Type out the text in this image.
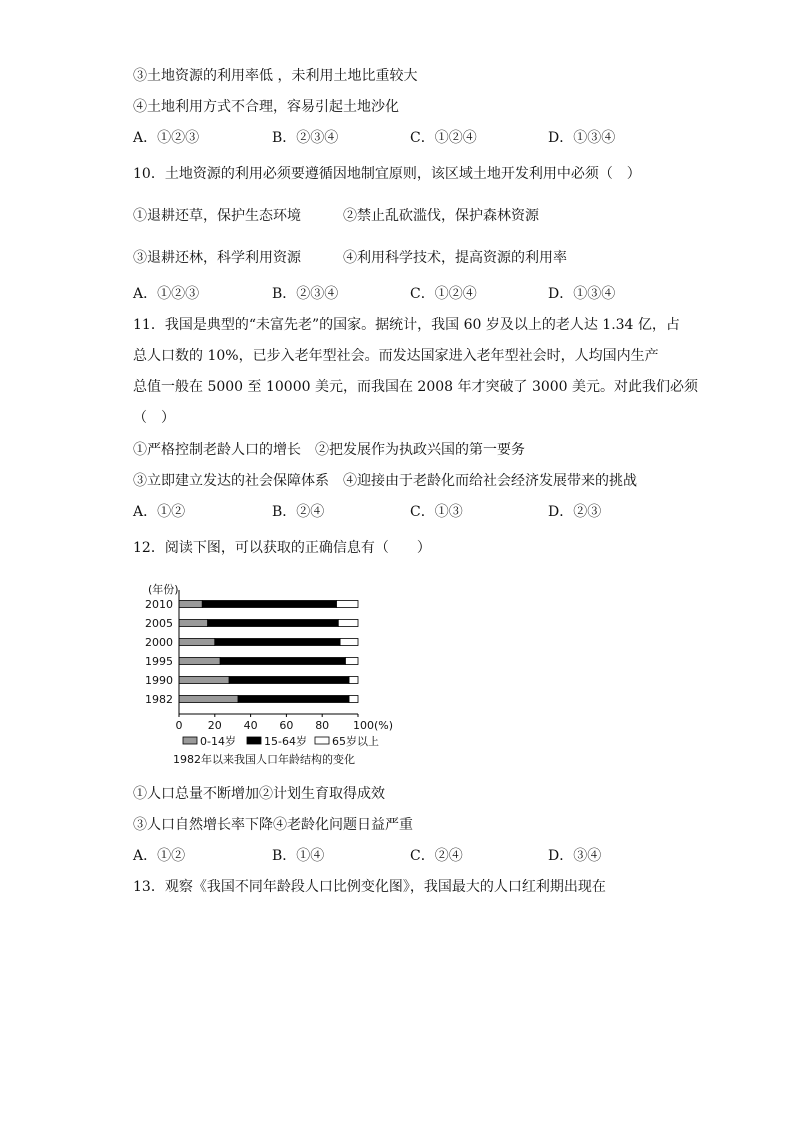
③土地资源的利用率低 ，未利用土地比重较大
④土地利用方式不合理，容易引起土地沙化
A．①②③	B．②③④	C．①②④	D．①③④
10．土地资源的利用必须要遵循因地制宜原则，该区域土地开发利用中必须（　）
①退耕还草，保护生态环境　　　②禁止乱砍滥伐，保护森林资源
③退耕还林，科学利用资源　　　④利用科学技术，提高资源的利用率
A．①②③	B．②③④	C．①②④	D．①③④
11．我国是典型的“未富先老”的国家。据统计，我国 60 岁及以上的老人达 1.34 亿，占
总人口数的 10%，已步入老年型社会。而发达国家进入老年型社会时，人均国内生产
总值一般在 5000 至 10000 美元，而我国在 2008 年才突破了 3000 美元。对此我们必须
（　）
①严格控制老龄人口的增长　②把发展作为执政兴国的第一要务
③立即建立发达的社会保障体系　④迎接由于老龄化而给社会经济发展带来的挑战
A．①②	B．②④	C．①③	D．②③
12．阅读下图，可以获取的正确信息有（　　）
(年份)
2010
2005
2000
1995
1990
1982
0 20 40 60 80 100(%)
0-14岁	15-64岁 65岁以上
1982年以来我国人口年龄结构的变化
①人口总量不断增加②计划生育取得成效
③人口自然增长率下降④老龄化问题日益严重
A．①②	B．①④	C．②④	D．③④
13．观察《我国不同年龄段人口比例变化图》，我国最大的人口红利期出现在
